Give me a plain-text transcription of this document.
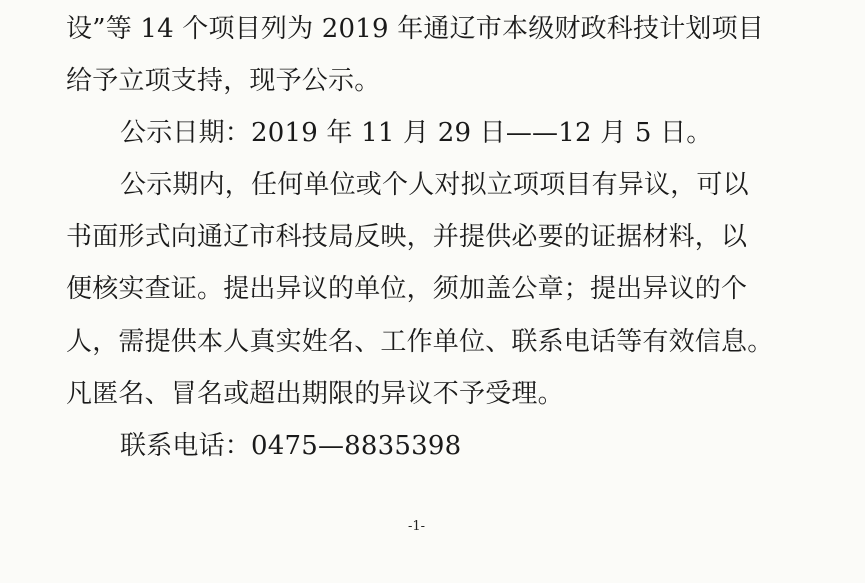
设”等 14 个项目列为 2019 年通辽市本级财政科技计划项目
给予立项支持，现予公示。
公示日期：2019 年 11 月 29 日——12 月 5 日。
公示期内，任何单位或个人对拟立项项目有异议，可以
书面形式向通辽市科技局反映，并提供必要的证据材料，以
便核实查证。提出异议的单位，须加盖公章；提出异议的个
人，需提供本人真实姓名、工作单位、联系电话等有效信息。
凡匿名、冒名或超出期限的异议不予受理。
联系电话：0475—8835398
-1-
